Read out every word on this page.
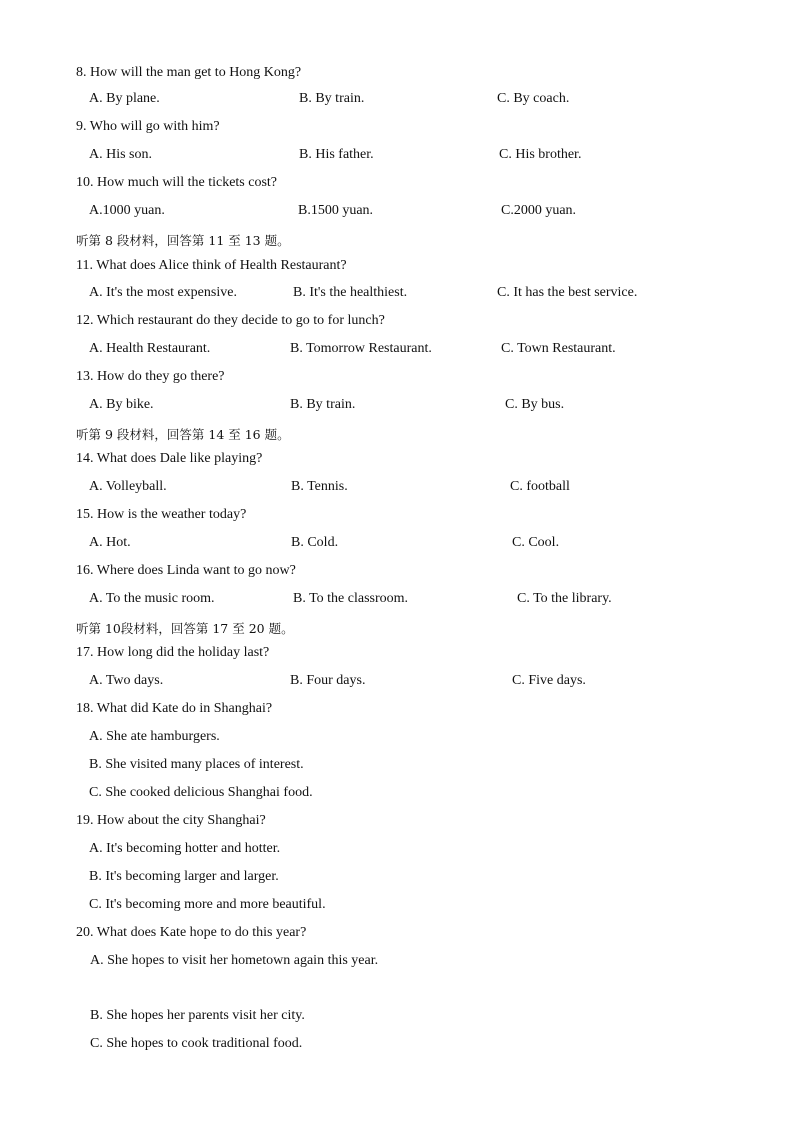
8. How will the man get to Hong Kong?
A. By plane.	B. By train.	C. By coach.
9. Who will go with him?
A. His son.	B. His father.	C. His brother.
10. How much will the tickets cost?
A.1000 yuan.	B.1500 yuan.	C.2000 yuan.
听第 8 段材料，回答第 11 至 13 题。
11. What does Alice think of Health Restaurant?
A. It's the most expensive.	B. It's the healthiest.	C. It has the best service.
12. Which restaurant do they decide to go to for lunch?
A. Health Restaurant.	B. Tomorrow Restaurant.	C. Town Restaurant.
13. How do they go there?
A. By bike.	B. By train.	C. By bus.
听第 9 段材料，回答第 14 至 16 题。
14. What does Dale like playing?
A. Volleyball.	B. Tennis.	C. football
15. How is the weather today?
A. Hot.	B. Cold.	C. Cool.
16. Where does Linda want to go now?
A. To the music room.	B. To the classroom.	C. To the library.
听第 10段材料，回答第 17 至 20 题。
17. How long did the holiday last?
A. Two days.	B. Four days.	C. Five days.
18. What did Kate do in Shanghai?
A. She ate hamburgers.
B. She visited many places of interest.
C. She cooked delicious Shanghai food.
19. How about the city Shanghai?
A. It's becoming hotter and hotter.
B. It's becoming larger and larger.
C. It's becoming more and more beautiful.
20. What does Kate hope to do this year?
A. She hopes to visit her hometown again this year.
B. She hopes her parents visit her city.
C. She hopes to cook traditional food.
